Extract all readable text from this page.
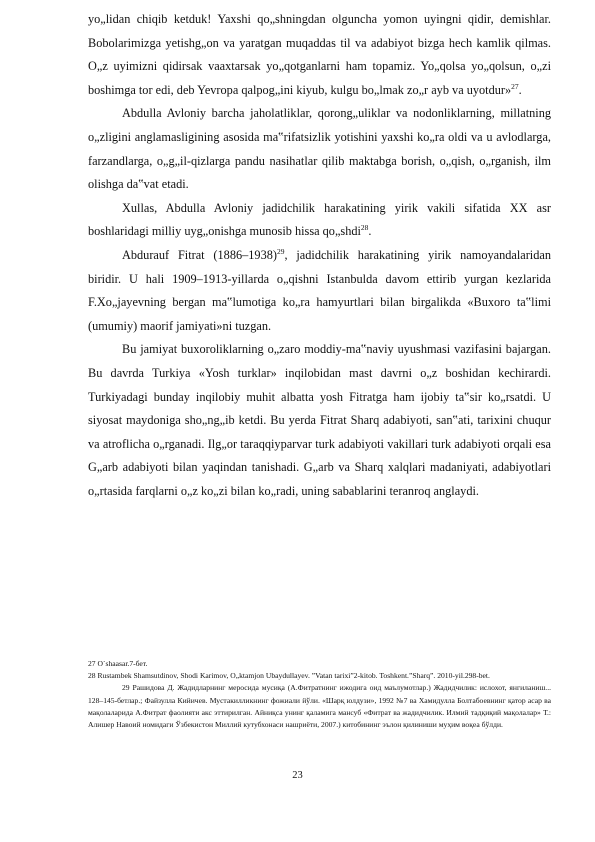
yo„lidan chiqib ketduk! Yaxshi qo„shningdan olguncha yomon uyingni qidir, demishlar. Bobolarimizga yetishg„on va yaratgan muqaddas til va adabiyot bizga hech kamlik qilmas. O„z uyimizni qidirsak vaaxtarsak yo„qotganlarni ham topamiz. Yo„qolsa yo„qolsun, o„zi boshimga tor edi, deb Yevropa qalpog„ini kiyub, kulgu bo„lmak zo„r ayb va uyotdur»$^{27}$.

Abdulla Avloniy barcha jaholatliklar, qorong„uliklar va nodonliklarning, millatning o„zligini anglamasligining asosida ma‟rifatsizlik yotishini yaxshi ko„ra oldi va u avlodlarga, farzandlarga, o„g„il-qizlarga pandu nasihatlar qilib maktabga borish, o„qish, o„rganish, ilm olishga da‟vat etadi.

Xullas, Abdulla Avloniy jadidchilik harakatining yirik vakili sifatida XX asr boshlaridagi milliy uyg„onishga munosib hissa qo„shdi$^{28}$.

Abdurauf Fitrat (1886–1938)$^{29}$, jadidchilik harakatining yirik namoyandalaridan biridir. U hali 1909–1913-yillarda o„qishni Istanbulda davom ettirib yurgan kezlarida F.Xo„jayevning bergan ma‟lumotiga ko„ra hamyurtlari bilan birgalikda «Buxoro ta‟limi (umumiy) maorif jamiyati»ni tuzgan.

Bu jamiyat buxoroliklarning o„zaro moddiy-ma‟naviy uyushmasi vazifasini bajargan. Bu davrda Turkiya «Yosh turklar» inqilobidan mast davrni o„z boshidan kechirardi. Turkiyadagi bunday inqilobiy muhit albatta yosh Fitratga ham ijobiy ta‟sir ko„rsatdi. U siyosat maydoniga sho„ng„ib ketdi. Bu yerda Fitrat Sharq adabiyoti, san‟ati, tarixini chuqur va atroflicha o„rganadi. Ilg„or taraqqiyparvar turk adabiyoti vakillari turk adabiyoti orqali esa G„arb adabiyoti bilan yaqindan tanishadi. G„arb va Sharq xalqlari madaniyati, adabiyotlari o„rtasida farqlarni o„z ko„zi bilan ko„radi, uning sabablarini teranroq anglaydi.

27 O`shaasar.7-бет.

28 Rustambek Shamsutdinov, Shodi Karimov, O„ktamjon Ubaydullayev. ”Vatan tarixi”2-kitob. Toshkent.”Sharq”. 2010-yil.298-bet.

29 Рашидова Д. Жадидларнинг меросида мусиқа (А.Фитратнинг ижодига оид маълумотлар.) Жадидчилик: ислохот, янгиланиш... 128–145-бетлар.; Файзулла Кийичев. Мустакилликнинг фожиали йўли. «Шарқ юлдузи», 1992 №7 ва Хамидулла Болтабоевнинг қатор асар ва мақолаларида А.Фитрат фаолияти акс эттирилган. Айниқса унинг қаламига мансуб «Фитрат ва жадидчилик. Илмий тадқиқий мақолалар» Т.: Алишер Навоий номидаги Ўзбекистон Миллий кутубхонаси нашриёти, 2007.) китобининг эълон қилиниши муҳим воқеа бўлди.

23
